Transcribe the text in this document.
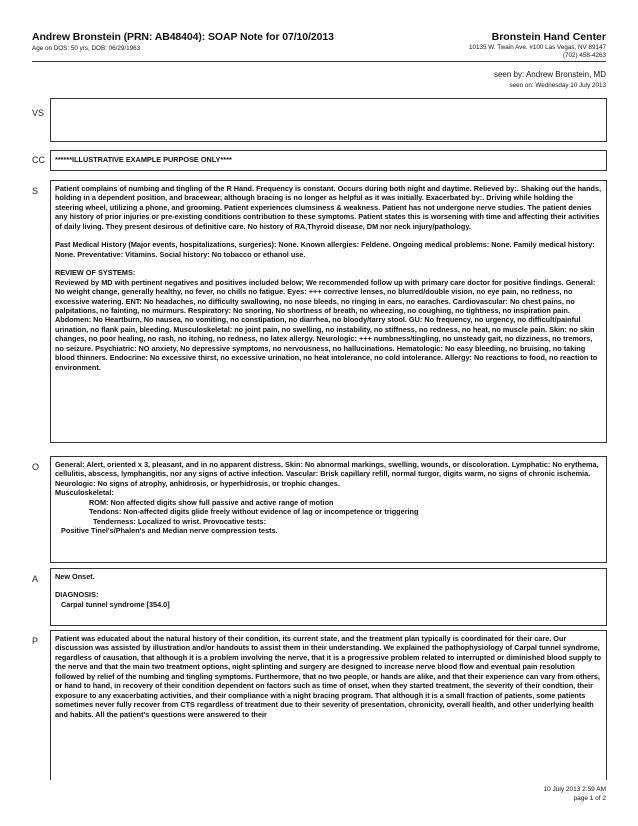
Andrew Bronstein (PRN: AB48404): SOAP Note for 07/10/2013
Age on DOS: 50 yrs, DOB: 06/29/1963
Bronstein Hand Center
10135 W. Twain Ave. #100 Las Vegas, NV 89147
(702) 458-4263
seen by: Andrew Bronstein, MD
seen on: Wednesday 10 July 2013
VS
CC ******ILLUSTRATIVE EXAMPLE PURPOSE ONLY****

S Patient complains of numbing and tingling of the R Hand. Frequency is constant. Occurs during both night and daytime. Relieved by:. Shaking out the hands, holding in a dependent position, and bracewear, although bracing is no longer as helpful as it was initially. Exacerbated by:. Driving while holding the steering wheel, utilizing a phone, and grooming. Patient experiences clumsiness & weakness. Patient has not undergone nerve studies. The patient denies any history of prior injuries or pre-existing conditions contribution to these symptoms. Patient states this is worsening with time and affecting their activities of daily living. They present desirous of definitive care. No history of RA,Thyroid disease, DM nor neck injury/pathology.

Past Medical History (Major events, hospitalizations, surgeries): None. Known allergies: Feldene. Ongoing medical problems: None. Family medical history: None. Preventative: Vitamins. Social history: No tobacco or ethanol use.

REVIEW OF SYSTEMS:

Reviewed by MD with pertinent negatives and positives included below; We recommended follow up with primary care doctor for positive findings. General: No weight change, generally healthy, no fever, no chills no fatigue. Eyes: +++ corrective lenses, no blurred/double vision, no eye pain, no redness, no excessive watering. ENT: No headaches, no difficulty swallowing, no nose bleeds, no ringing in ears, no earaches. Cardiovascular: No chest pains, no palpitations, no fainting, no murmurs. Respiratory: No snoring, No shortness of breath, no wheezing, no coughing, no tightness, no inspiration pain. Abdomen: No Heartburn, No nausea, no vomiting, no constipation, no diarrhea, no bloody/tarry stool. GU: No frequency, no urgency, no difficult/painful urination, no flank pain, bleeding. Musculoskeletal: no joint pain, no swelling, no instability, no stiffness, no redness, no heat, no muscle pain. Skin: no skin changes, no poor healing, no rash, no itching, no redness, no latex allergy. Neurologic: +++ numbness/tingling, no unsteady gait, no dizziness, no tremors, no seizure. Psychiatric: NO anxiety, No depressive symptoms, no nervousness, no hallucinations. Hematologic: No easy bleeding, no bruising, no taking blood thinners. Endocrine: No excessive thirst, no excessive urination, no heat intolerance, no cold intolerance. Allergy: No reactions to food, no reaction to environment.

O General: Alert, oriented x 3, pleasant, and in no apparent distress. Skin: No abnormal markings, swelling, wounds, or discoloration. Lymphatic: No erythema, cellulitis, abscess, lymphangitis, nor any signs of active infection. Vascular: Brisk capillary refill, normal turgor, digits warm, no signs of chronic ischemia. Neurologic: No signs of atrophy, anhidrosis, or hyperhidrosis, or trophic changes.

Musculoskeletal:

ROM: Non affected digits show full passive and active range of motion

Tendons: Non-affected digits glide freely without evidence of lag or incompetence or triggering

Tenderness: Localized to wrist. Provocative tests:

Positive Tinel's/Phalen's and Median nerve compression tests.

A New Onset.

DIAGNOSIS:

Carpal tunnel syndrome [354.0]

P Patient was educated about the natural history of their condition, its current state, and the treatment plan typically is coordinated for their care. Our discussion was assisted by illustration and/or handouts to assist them in their understanding. We explained the pathophysiology of Carpal tunnel syndrome, regardless of causation, that although it is a problem involving the nerve, that it is a progressive problem related to interrupted or diminished blood supply to the nerve and that the main two treatment options, night splinting and surgery are designed to increase nerve blood flow and eventual pain resolution followed by relief of the numbing and tingling symptoms. Furthermore, that no two people, or hands are alike, and that their experience can vary from others, or hand to hand, in recovery of their condition dependent on factors such as time of onset, when they started treatment, the severity of their condtion, their exposure to any exacerbating activities, and their compliance with a night bracing program. That although it is a small fraction of patients, some patients sometimes never fully recover from CTS regardless of treatment due to their severity of presentation, chronicity, overall health, and other underlying health and habits. All the patient's questions were answered to their

10 July 2013 2:59 AM
page 1 of 2
